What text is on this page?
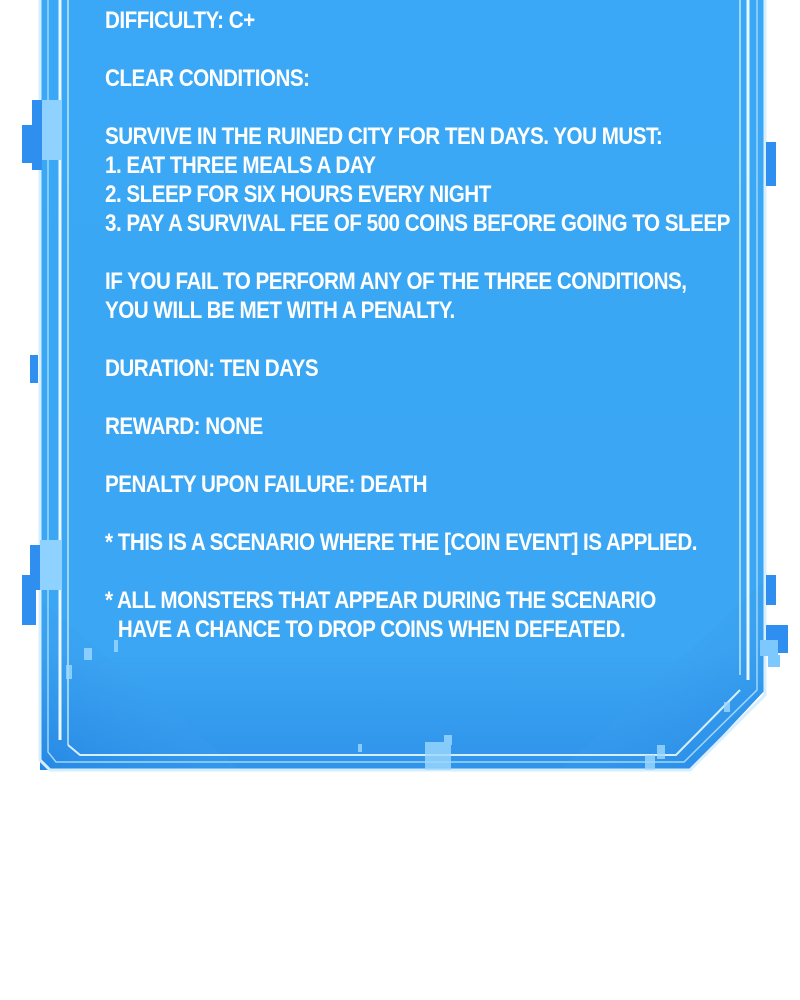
DIFFICULTY: C+
CLEAR CONDITIONS:
SURVIVE IN THE RUINED CITY FOR TEN DAYS. YOU MUST:
1. EAT THREE MEALS A DAY
2. SLEEP FOR SIX HOURS EVERY NIGHT
3. PAY A SURVIVAL FEE OF 500 COINS BEFORE GOING TO SLEEP
IF YOU FAIL TO PERFORM ANY OF THE THREE CONDITIONS,
YOU WILL BE MET WITH A PENALTY.
DURATION: TEN DAYS
REWARD: NONE
PENALTY UPON FAILURE: DEATH
* THIS IS A SCENARIO WHERE THE [COIN EVENT] IS APPLIED.
* ALL MONSTERS THAT APPEAR DURING THE SCENARIO
HAVE A CHANCE TO DROP COINS WHEN DEFEATED.
